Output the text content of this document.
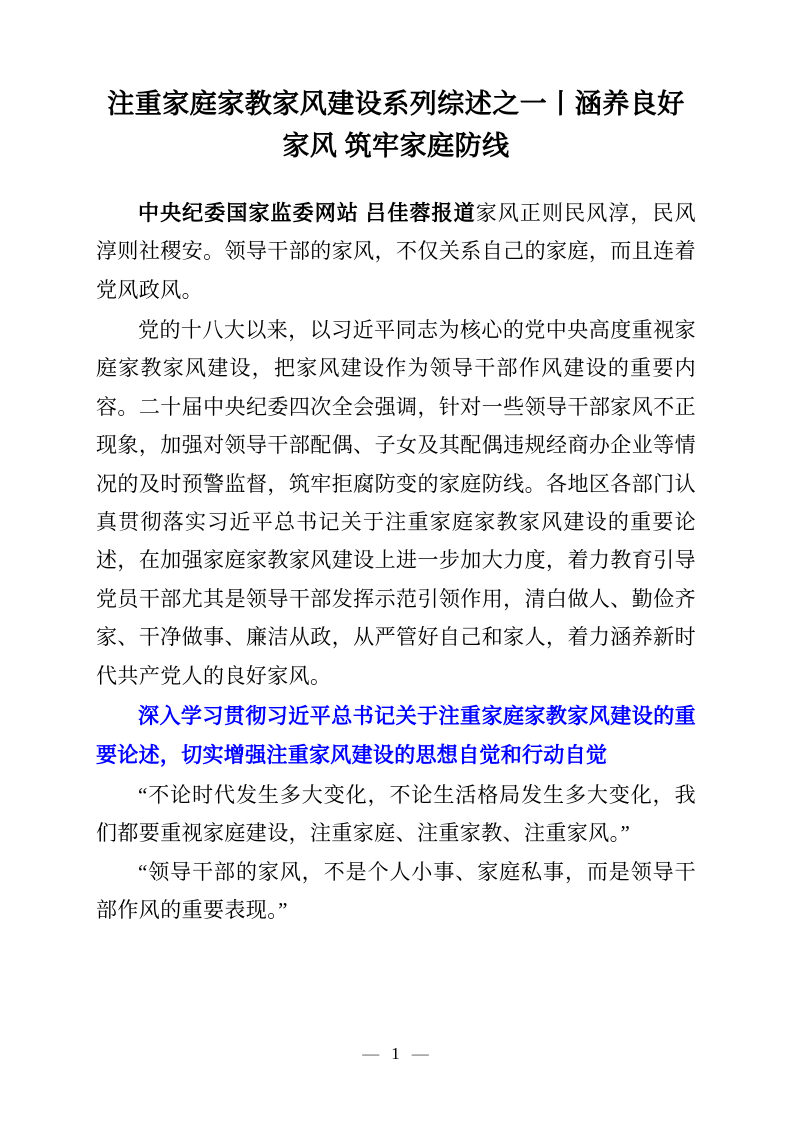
注重家庭家教家风建设系列综述之一丨涵养良好家风 筑牢家庭防线

中央纪委国家监委网站 吕佳蓉报道家风正则民风淳，民风淳则社稷安。领导干部的家风，不仅关系自己的家庭，而且连着党风政风。

党的十八大以来，以习近平同志为核心的党中央高度重视家庭家教家风建设，把家风建设作为领导干部作风建设的重要内容。二十届中央纪委四次全会强调，针对一些领导干部家风不正现象，加强对领导干部配偶、子女及其配偶违规经商办企业等情况的及时预警监督，筑牢拒腐防变的家庭防线。各地区各部门认真贯彻落实习近平总书记关于注重家庭家教家风建设的重要论述，在加强家庭家教家风建设上进一步加大力度，着力教育引导党员干部尤其是领导干部发挥示范引领作用，清白做人、勤俭齐家、干净做事、廉洁从政，从严管好自己和家人，着力涵养新时代共产党人的良好家风。

深入学习贯彻习近平总书记关于注重家庭家教家风建设的重要论述，切实增强注重家风建设的思想自觉和行动自觉

“不论时代发生多大变化，不论生活格局发生多大变化，我们都要重视家庭建设，注重家庭、注重家教、注重家风。”

“领导干部的家风，不是个人小事、家庭私事，而是领导干部作风的重要表现。”

— 1 —
